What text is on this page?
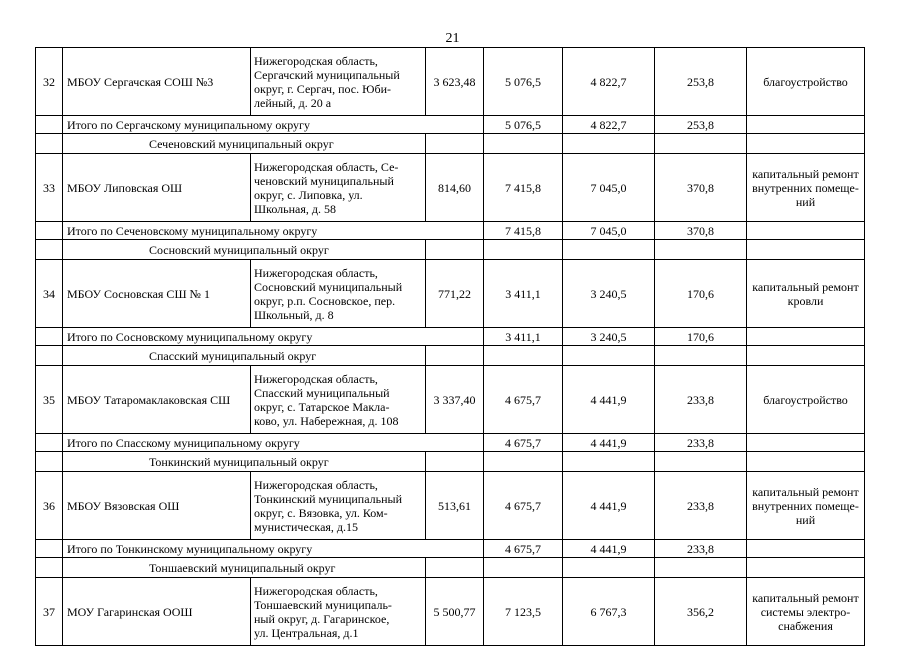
21
32	МБОУ Сергачская СОШ №3	Нижегородская область,
Сергачский муниципальный
округ, г. Сергач, пос. Юби-
лейный, д. 20 а	3 623,48	5 076,5	4 822,7	253,8	благоустройство
	Итого по Сергачскому муниципальному округу			5 076,5	4 822,7	253,8	
	Сеченовский муниципальный округ						
33	МБОУ Липовская ОШ	Нижегородская область, Се-
ченовский муниципальный
округ, с. Липовка, ул.
Школьная, д. 58	814,60	7 415,8	7 045,0	370,8	капитальный ремонт
внутренних помеще-
ний
	Итого по Сеченовскому муниципальному округу			7 415,8	7 045,0	370,8	
	Сосновский муниципальный округ						
34	МБОУ Сосновская СШ № 1	Нижегородская область,
Сосновский муниципальный
округ, р.п. Сосновское, пер.
Школьный, д. 8	771,22	3 411,1	3 240,5	170,6	капитальный ремонт
кровли
	Итого по Сосновскому муниципальному округу			3 411,1	3 240,5	170,6	
	Спасский муниципальный округ						
35	МБОУ Татаромаклаковская СШ	Нижегородская область,
Спасский муниципальный
округ, с. Татарское Макла-
ково, ул. Набережная, д. 108	3 337,40	4 675,7	4 441,9	233,8	благоустройство
	Итого по Спасскому муниципальному округу			4 675,7	4 441,9	233,8	
	Тонкинский муниципальный округ						
36	МБОУ Вязовская ОШ	Нижегородская область,
Тонкинский муниципальный
округ, с. Вязовка, ул. Ком-
мунистическая, д.15	513,61	4 675,7	4 441,9	233,8	капитальный ремонт
внутренних помеще-
ний
	Итого по Тонкинскому муниципальному округу			4 675,7	4 441,9	233,8	
	Тоншаевский муниципальный округ						
37	МОУ Гагаринская ООШ	Нижегородская область,
Тоншаевский муниципаль-
ный округ, д. Гагаринское,
ул. Центральная, д.1	5 500,77	7 123,5	6 767,3	356,2	капитальный ремонт
системы электро-
снабжения
